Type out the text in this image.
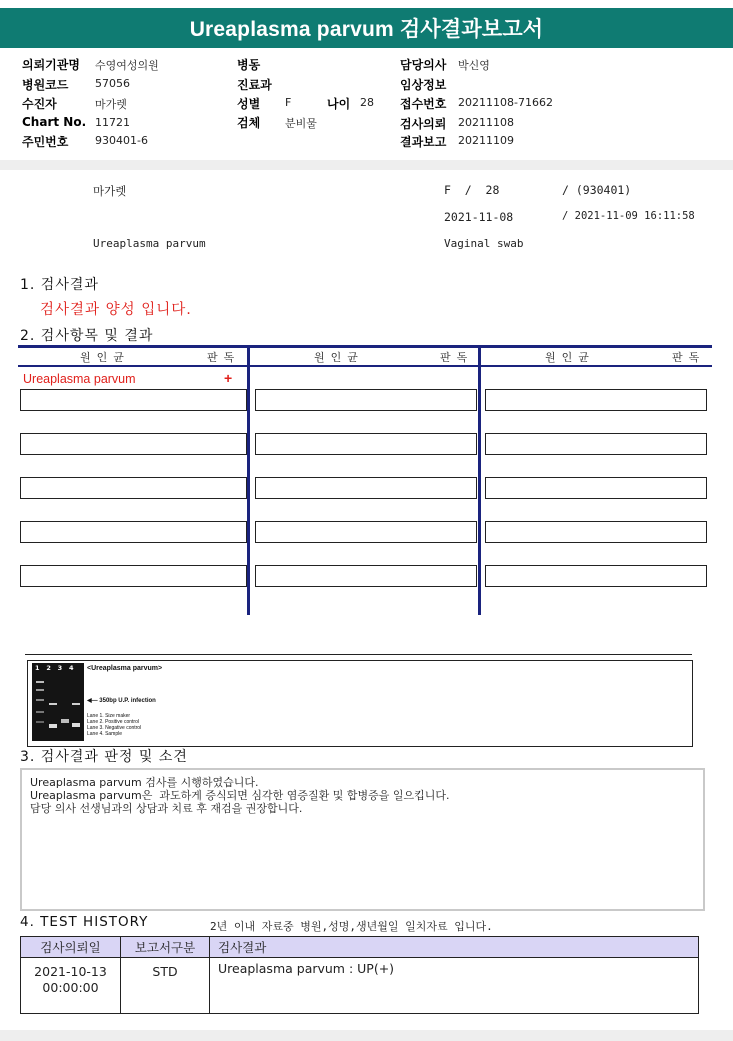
Ureaplasma parvum 검사결과보고서
의뢰기관명 수영여성의원
병원코드 57056
수진자	마가렛
Chart No. 11721
주민번호 930401-6
병동
진료과
성별 F	나이 28
검체 분비물
담당의사 박신영
임상정보
접수번호 20211108-71662
검사의뢰 20211108
결과보고 20211109
마가렛	F  /  28	/ (930401)
2021-11-08	/ 2021-11-09 16:11:58
Ureaplasma parvum	Vaginal swab
1. 검사결과
검사결과 양성 입니다.
2. 검사항목 및 결과
원인균	판독	원인균	판독	원인균	판독
Ureaplasma parvum	+
1 2 3 4 <Ureaplasma parvum>
◀— 350bp U.P. infection
Lane 1. Size maker
Lane 2. Positive control
Lane 3. Negative control
Lane 4. Sample
3. 검사결과 판정 및 소견
Ureaplasma parvum 검사를 시행하였습니다.
Ureaplasma parvum은  과도하게 증식되면 심각한 염증질환 및 합병증을 일으킵니다.
담당 의사 선생님과의 상담과 치료 후 재검을 권장합니다.
4. TEST HISTORY	2년 이내 자료중 병원,성명,생년월일 일치자료 입니다.
검사의뢰일	보고서구분	검사결과

2021-10-13
00:00:00	STD	Ureaplasma parvum : UP(+)
